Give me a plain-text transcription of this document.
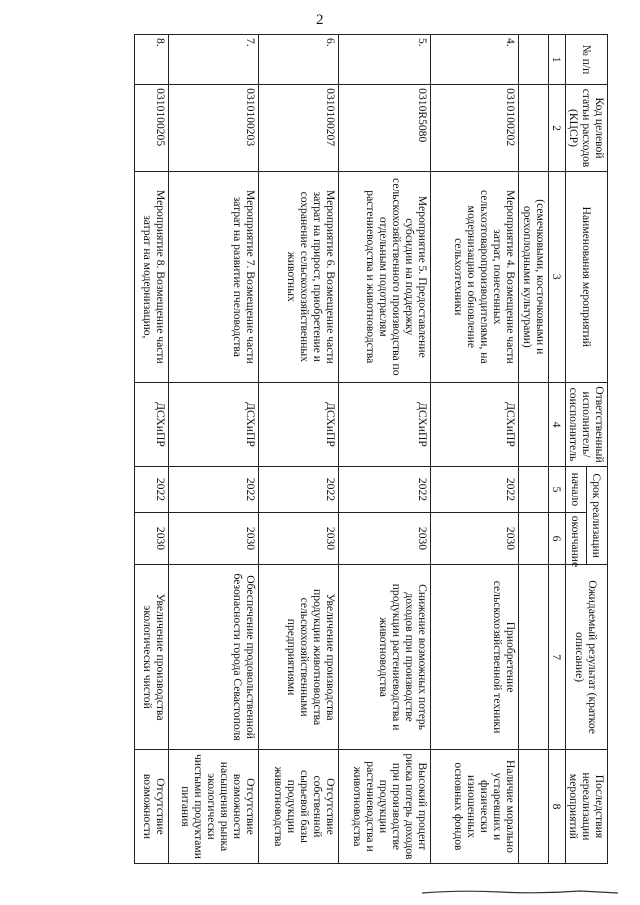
2
№ п/п	Код целевой статьи расходов (КЦСР)	Наименования мероприятий	Ответственный исполнитель/ соисполнитель	Срок реализации		Ожидаемый результат (краткое описание)	Последствия нереализации мероприятий
				начало	окончание		
1	2	3	4	5	6	7	8
		(семечковыми, косточковыми и орехоплодными культурами)					
4.	0310100202	Мероприятие 4. Возмещение части затрат, понесенных сельхозтоваропроизводителями, на модернизацию и обновление сельхозтехники	ДСХиПР	2022	2030	Приобретение сельскохозяйственной техники	Наличие морально устаревших и физически изношенных основных фондов
5.	0310R5080	Мероприятие 5. Предоставление субсидии на поддержку сельскохозяйственного производства по отдельным подотраслям растениеводства и животноводства	ДСХиПР	2022	2030	Снижение возможных потерь доходов при производстве продукции растениеводства и животноводства	Высокий процент риска потерь доходов при производстве продукции растениеводства и животноводства
6.	0310100207	Мероприятие 6. Возмещение части затрат на прирост, приобретение и сохранение сельскохозяйственных животных	ДСХиПР	2022	2030	Увеличение производства продукции животноводства сельскохозяйственными предприятиями	Отсутствие собственной сырьевой базы продукции животноводства
7.	0310100203	Мероприятие 7. Возмещение части затрат на развитие пчеловодства	ДСХиПР	2022	2030	Обеспечение продовольственной безопасности города Севастополя	Отсутствие возможности насыщения рынка экологически чистыми продуктами питания
8.	0310100205	Мероприятие 8. Возмещение части затрат на модернизацию,	ДСХиПР	2022	2030	Увеличение производства экологически чистой	Отсутствие возможности
